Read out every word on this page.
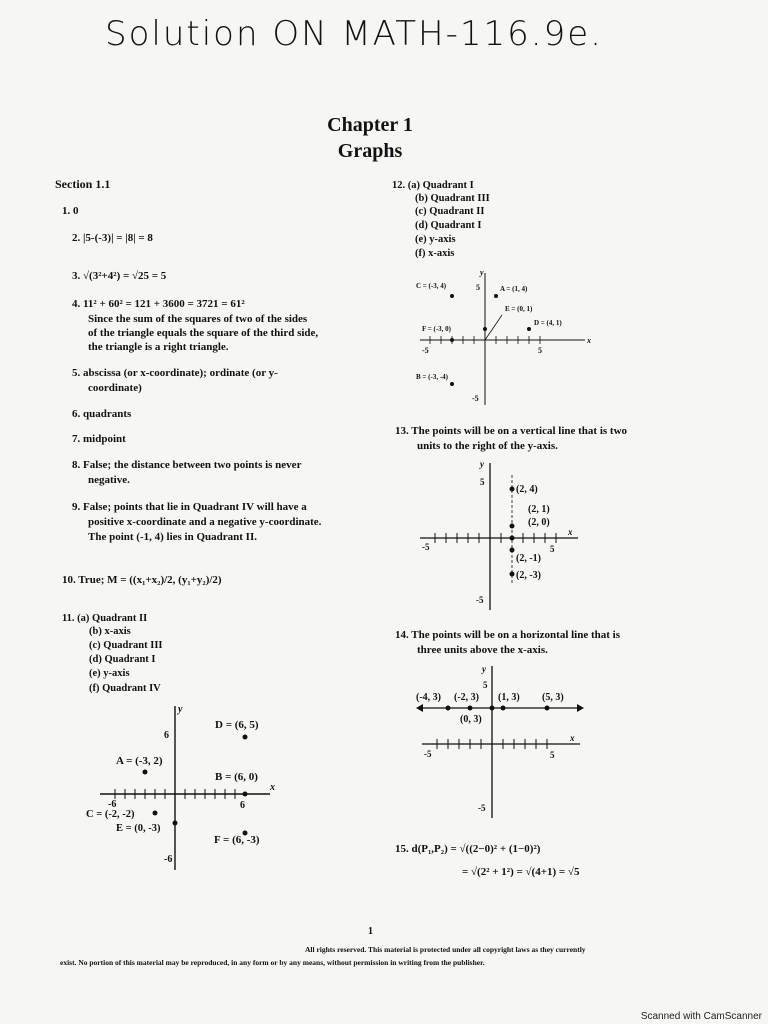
Solution ON MATH-116.9e.
Chapter 1
Graphs
Section 1.1
1. 0
2. |5-(-3)| = |8| = 8
3. √(3²+4²) = √25 = 5
4. 11² + 60² = 121 + 3600 = 3721 = 61²
Since the sum of the squares of two of the sides
of the triangle equals the square of the third side,
the triangle is a right triangle.
5. abscissa (or x-coordinate); ordinate (or y-
coordinate)
6. quadrants
7. midpoint
8. False; the distance between two points is never
negative.
9. False; points that lie in Quadrant IV will have a
positive x-coordinate and a negative y-coordinate.
The point (-1, 4) lies in Quadrant II.
10. True; M = ((x₁+x₂)/2, (y₁+y₂)/2)
11. (a) Quadrant II
(b) x-axis
(c) Quadrant III
(d) Quadrant I
(e) y-axis
(f) Quadrant IV
x
y
6
-6
6
-6
D = (6, 5)
A = (-3, 2)
B = (6, 0)
C = (-2, -2)
E = (0, -3)
F = (6, -3)
12. (a) Quadrant I
(b) Quadrant III
(c) Quadrant II
(d) Quadrant I
(e) y-axis
(f) x-axis
x
y
5
-5
5
-5
C = (-3, 4)	A = (1, 4)
E = (0, 1)
F = (-3, 0)
D = (4, 1)
B = (-3, -4)
13. The points will be on a vertical line that is two
units to the right of the y-axis.
x
y
5
-5
5
-5
(2, 4)
(2, 1)
(2, 0)
(2, -1)
(2, -3)
14. The points will be on a horizontal line that is
three units above the x-axis.
y
x
5
-5
5
-5
(-4, 3) (-2, 3) (1, 3) (5, 3)
(0, 3)
15. d(P₁,P₂) = √((2−0)² + (1−0)²)
= √(2² + 1²) = √(4+1) = √5
1
All rights reserved. This material is protected under all copyright laws as they currently
exist. No portion of this material may be reproduced, in any form or by any means, without permission in writing from the publisher.
Scanned with CamScanner
